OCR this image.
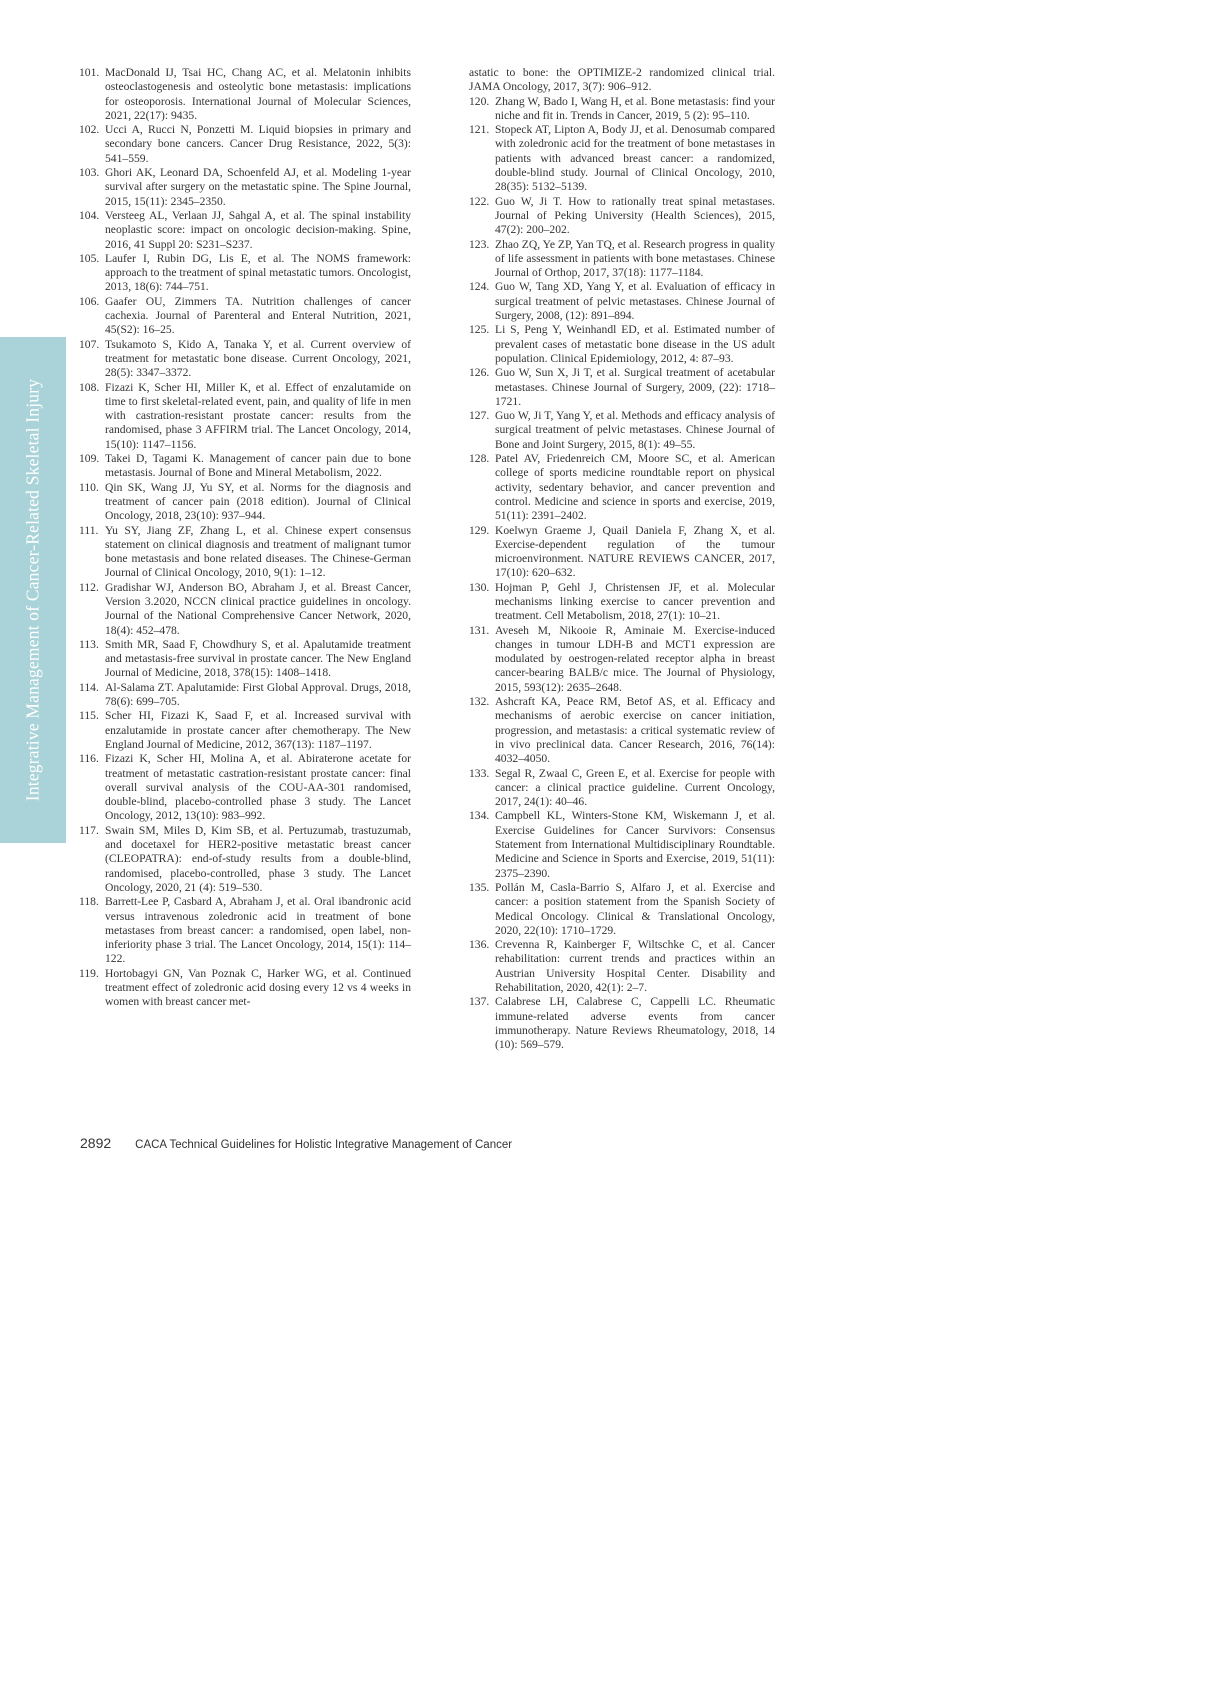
Integrative Management of Cancer-Related Skeletal Injury
101. MacDonald IJ, Tsai HC, Chang AC, et al. Melatonin inhibits osteoclastogenesis and osteolytic bone metastasis: implications for osteoporosis. International Journal of Molecular Sciences, 2021, 22(17): 9435.
102. Ucci A, Rucci N, Ponzetti M. Liquid biopsies in primary and secondary bone cancers. Cancer Drug Resistance, 2022, 5(3): 541–559.
103. Ghori AK, Leonard DA, Schoenfeld AJ, et al. Modeling 1-year survival after surgery on the metastatic spine. The Spine Journal, 2015, 15(11): 2345–2350.
104. Versteeg AL, Verlaan JJ, Sahgal A, et al. The spinal instability neoplastic score: impact on oncologic decision-making. Spine, 2016, 41 Suppl 20: S231–S237.
105. Laufer I, Rubin DG, Lis E, et al. The NOMS framework: approach to the treatment of spinal metastatic tumors. Oncologist, 2013, 18(6): 744–751.
106. Gaafer OU, Zimmers TA. Nutrition challenges of cancer cachexia. Journal of Parenteral and Enteral Nutrition, 2021, 45(S2): 16–25.
107. Tsukamoto S, Kido A, Tanaka Y, et al. Current overview of treatment for metastatic bone disease. Current Oncology, 2021, 28(5): 3347–3372.
108. Fizazi K, Scher HI, Miller K, et al. Effect of enzalutamide on time to first skeletal-related event, pain, and quality of life in men with castration-resistant prostate cancer: results from the randomised, phase 3 AFFIRM trial. The Lancet Oncology, 2014, 15(10): 1147–1156.
109. Takei D, Tagami K. Management of cancer pain due to bone metastasis. Journal of Bone and Mineral Metabolism, 2022.
110. Qin SK, Wang JJ, Yu SY, et al. Norms for the diagnosis and treatment of cancer pain (2018 edition). Journal of Clinical Oncology, 2018, 23(10): 937–944.
111. Yu SY, Jiang ZF, Zhang L, et al. Chinese expert consensus statement on clinical diagnosis and treatment of malignant tumor bone metastasis and bone related diseases. The Chinese-German Journal of Clinical Oncology, 2010, 9(1): 1–12.
112. Gradishar WJ, Anderson BO, Abraham J, et al. Breast Cancer, Version 3.2020, NCCN clinical practice guidelines in oncology. Journal of the National Comprehensive Cancer Network, 2020, 18(4): 452–478.
113. Smith MR, Saad F, Chowdhury S, et al. Apalutamide treatment and metastasis-free survival in prostate cancer. The New England Journal of Medicine, 2018, 378(15): 1408–1418.
114. Al-Salama ZT. Apalutamide: First Global Approval. Drugs, 2018, 78(6): 699–705.
115. Scher HI, Fizazi K, Saad F, et al. Increased survival with enzalutamide in prostate cancer after chemotherapy. The New England Journal of Medicine, 2012, 367(13): 1187–1197.
116. Fizazi K, Scher HI, Molina A, et al. Abiraterone acetate for treatment of metastatic castration-resistant prostate cancer: final overall survival analysis of the COU-AA-301 randomised, double-blind, placebo-controlled phase 3 study. The Lancet Oncology, 2012, 13(10): 983–992.
117. Swain SM, Miles D, Kim SB, et al. Pertuzumab, trastuzumab, and docetaxel for HER2-positive metastatic breast cancer (CLEOPATRA): end-of-study results from a double-blind, randomised, placebo-controlled, phase 3 study. The Lancet Oncology, 2020, 21 (4): 519–530.
118. Barrett-Lee P, Casbard A, Abraham J, et al. Oral ibandronic acid versus intravenous zoledronic acid in treatment of bone metastases from breast cancer: a randomised, open label, non-inferiority phase 3 trial. The Lancet Oncology, 2014, 15(1): 114–122.
119. Hortobagyi GN, Van Poznak C, Harker WG, et al. Continued treatment effect of zoledronic acid dosing every 12 vs 4 weeks in women with breast cancer met-
astatic to bone: the OPTIMIZE-2 randomized clinical trial. JAMA Oncology, 2017, 3(7): 906–912.
120. Zhang W, Bado I, Wang H, et al. Bone metastasis: find your niche and fit in. Trends in Cancer, 2019, 5 (2): 95–110.
121. Stopeck AT, Lipton A, Body JJ, et al. Denosumab compared with zoledronic acid for the treatment of bone metastases in patients with advanced breast cancer: a randomized, double-blind study. Journal of Clinical Oncology, 2010, 28(35): 5132–5139.
122. Guo W, Ji T. How to rationally treat spinal metastases. Journal of Peking University (Health Sciences), 2015, 47(2): 200–202.
123. Zhao ZQ, Ye ZP, Yan TQ, et al. Research progress in quality of life assessment in patients with bone metastases. Chinese Journal of Orthop, 2017, 37(18): 1177–1184.
124. Guo W, Tang XD, Yang Y, et al. Evaluation of efficacy in surgical treatment of pelvic metastases. Chinese Journal of Surgery, 2008, (12): 891–894.
125. Li S, Peng Y, Weinhandl ED, et al. Estimated number of prevalent cases of metastatic bone disease in the US adult population. Clinical Epidemiology, 2012, 4: 87–93.
126. Guo W, Sun X, Ji T, et al. Surgical treatment of acetabular metastases. Chinese Journal of Surgery, 2009, (22): 1718–1721.
127. Guo W, Ji T, Yang Y, et al. Methods and efficacy analysis of surgical treatment of pelvic metastases. Chinese Journal of Bone and Joint Surgery, 2015, 8(1): 49–55.
128. Patel AV, Friedenreich CM, Moore SC, et al. American college of sports medicine roundtable report on physical activity, sedentary behavior, and cancer prevention and control. Medicine and science in sports and exercise, 2019, 51(11): 2391–2402.
129. Koelwyn Graeme J, Quail Daniela F, Zhang X, et al. Exercise-dependent regulation of the tumour microenvironment. NATURE REVIEWS CANCER, 2017, 17(10): 620–632.
130. Hojman P, Gehl J, Christensen JF, et al. Molecular mechanisms linking exercise to cancer prevention and treatment. Cell Metabolism, 2018, 27(1): 10–21.
131. Aveseh M, Nikooie R, Aminaie M. Exercise-induced changes in tumour LDH-B and MCT1 expression are modulated by oestrogen-related receptor alpha in breast cancer-bearing BALB/c mice. The Journal of Physiology, 2015, 593(12): 2635–2648.
132. Ashcraft KA, Peace RM, Betof AS, et al. Efficacy and mechanisms of aerobic exercise on cancer initiation, progression, and metastasis: a critical systematic review of in vivo preclinical data. Cancer Research, 2016, 76(14): 4032–4050.
133. Segal R, Zwaal C, Green E, et al. Exercise for people with cancer: a clinical practice guideline. Current Oncology, 2017, 24(1): 40–46.
134. Campbell KL, Winters-Stone KM, Wiskemann J, et al. Exercise Guidelines for Cancer Survivors: Consensus Statement from International Multidisciplinary Roundtable. Medicine and Science in Sports and Exercise, 2019, 51(11): 2375–2390.
135. Pollán M, Casla-Barrio S, Alfaro J, et al. Exercise and cancer: a position statement from the Spanish Society of Medical Oncology. Clinical & Translational Oncology, 2020, 22(10): 1710–1729.
136. Crevenna R, Kainberger F, Wiltschke C, et al. Cancer rehabilitation: current trends and practices within an Austrian University Hospital Center. Disability and Rehabilitation, 2020, 42(1): 2–7.
137. Calabrese LH, Calabrese C, Cappelli LC. Rheumatic immune-related adverse events from cancer immunotherapy. Nature Reviews Rheumatology, 2018, 14 (10): 569–579.
2892 CACA Technical Guidelines for Holistic Integrative Management of Cancer
